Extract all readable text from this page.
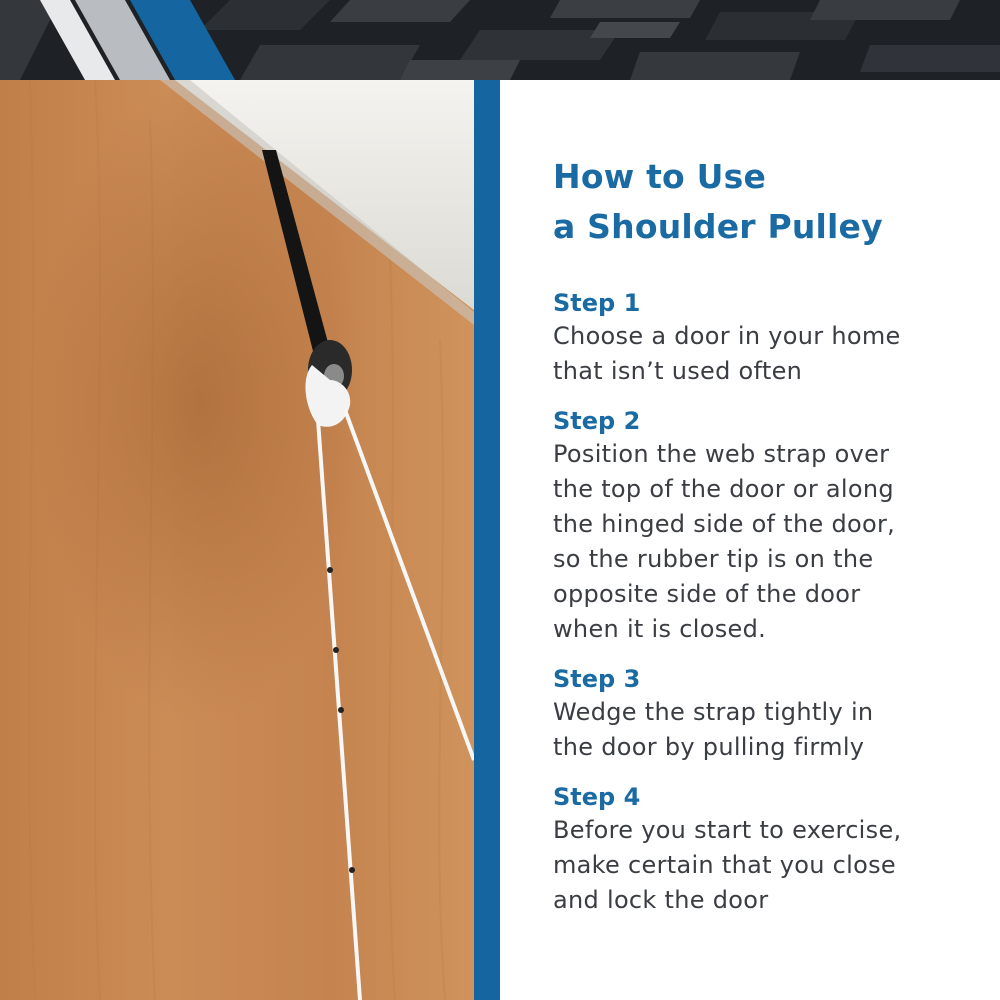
How to Use
a Shoulder Pulley
Step 1
Choose a door in your home
that isn’t used often
Step 2
Position the web strap over
the top of the door or along
the hinged side of the door,
so the rubber tip is on the
opposite side of the door
when it is closed.
Step 3
Wedge the strap tightly in
the door by pulling firmly
Step 4
Before you start to exercise,
make certain that you close
and lock the door
